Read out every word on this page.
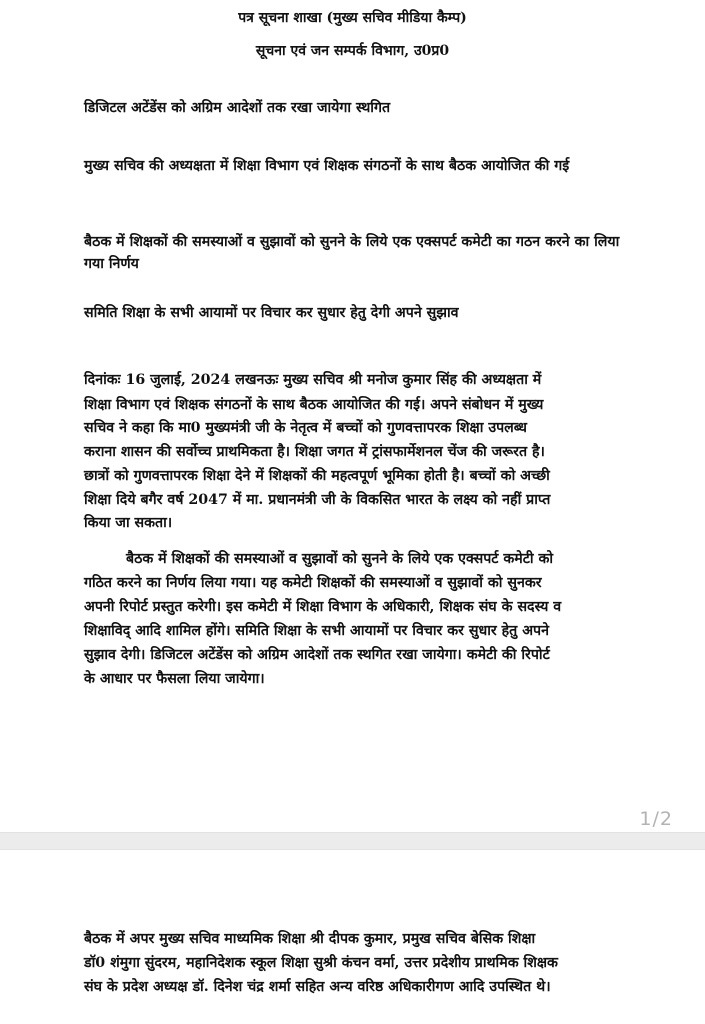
पत्र सूचना शाखा (मुख्य सचिव मीडिया कैम्प)
सूचना एवं जन सम्पर्क विभाग, उ0प्र0
डिजिटल अटेंडेंस को अग्रिम आदेशों तक रखा जायेगा स्थगित
मुख्य सचिव की अध्यक्षता में शिक्षा विभाग एवं शिक्षक संगठनों के साथ बैठक आयोजित की गई
बैठक में शिक्षकों की समस्याओं व सुझावों को सुनने के लिये एक एक्सपर्ट कमेटी का गठन करने का लिया गया निर्णय
समिति शिक्षा के सभी आयामों पर विचार कर सुधार हेतु देगी अपने सुझाव
दिनांकः 16 जुलाई, 2024 लखनऊः मुख्य सचिव श्री मनोज कुमार सिंह की अध्यक्षता में
शिक्षा विभाग एवं शिक्षक संगठनों के साथ बैठक आयोजित की गई। अपने संबोधन में मुख्य
सचिव ने कहा कि मा0 मुख्यमंत्री जी के नेतृत्व में बच्चों को गुणवत्तापरक शिक्षा उपलब्ध
कराना शासन की सर्वोच्च प्राथमिकता है। शिक्षा जगत में ट्रांसफार्मेशनल चेंज की जरूरत है।
छात्रों को गुणवत्तापरक शिक्षा देने में शिक्षकों की महत्वपूर्ण भूमिका होती है। बच्चों को अच्छी
शिक्षा दिये बगैर वर्ष 2047 में मा. प्रधानमंत्री जी के विकसित भारत के लक्ष्य को नहीं प्राप्त
किया जा सकता।
बैठक में शिक्षकों की समस्याओं व सुझावों को सुनने के लिये एक एक्सपर्ट कमेटी को
गठित करने का निर्णय लिया गया। यह कमेटी शिक्षकों की समस्याओं व सुझावों को सुनकर
अपनी रिपोर्ट प्रस्तुत करेगी। इस कमेटी में शिक्षा विभाग के अधिकारी, शिक्षक संघ के सदस्य व
शिक्षाविद् आदि शामिल होंगे। समिति शिक्षा के सभी आयामों पर विचार कर सुधार हेतु अपने
सुझाव देगी। डिजिटल अटेंडेंस को अग्रिम आदेशों तक स्थगित रखा जायेगा। कमेटी की रिपोर्ट
के आधार पर फैसला लिया जायेगा।
1/2
बैठक में अपर मुख्य सचिव माध्यमिक शिक्षा श्री दीपक कुमार, प्रमुख सचिव बेसिक शिक्षा
डॉ0 शंमुगा सुंदरम, महानिदेशक स्कूल शिक्षा सुश्री कंचन वर्मा, उत्तर प्रदेशीय प्राथमिक शिक्षक
संघ के प्रदेश अध्यक्ष डॉ. दिनेश चंद्र शर्मा सहित अन्य वरिष्ठ अधिकारीगण आदि उपस्थित थे।
